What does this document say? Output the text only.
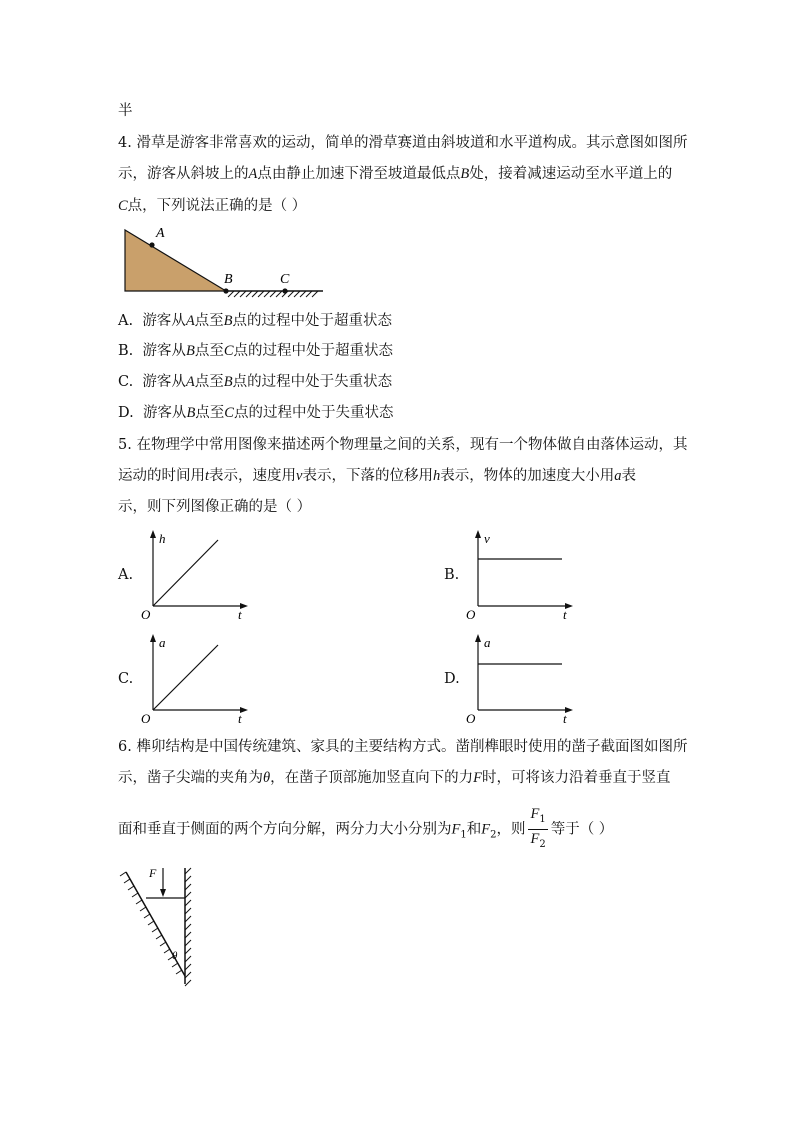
半
4. 滑草是游客非常喜欢的运动，简单的滑草赛道由斜坡道和水平道构成。其示意图如图所
示，游客从斜坡上的A点由静止加速下滑至坡道最低点B处，接着减速运动至水平道上的
C点，下列说法正确的是（ ）
A
B	C
A. 游客从A点至B点的过程中处于超重状态
B. 游客从B点至C点的过程中处于超重状态
C. 游客从A点至B点的过程中处于失重状态
D. 游客从B点至C点的过程中处于失重状态
5. 在物理学中常用图像来描述两个物理量之间的关系，现有一个物体做自由落体运动，其
运动的时间用t表示，速度用v表示，下落的位移用h表示，物体的加速度大小用a表
示，则下列图像正确的是（ ）
A.	B.
C.	D.
h
t
O
v
t
O
a
t
O
a
t
O
6. 榫卯结构是中国传统建筑、家具的主要结构方式。凿削榫眼时使用的凿子截面图如图所
示，凿子尖端的夹角为θ，在凿子顶部施加竖直向下的力F时，可将该力沿着垂直于竖直
面和垂直于侧面的两个方向分解，两分力大小分别为$F_1$和$F_2$，则 $\frac{F_1}{F_2}$ 等于（ ）
F
θ
